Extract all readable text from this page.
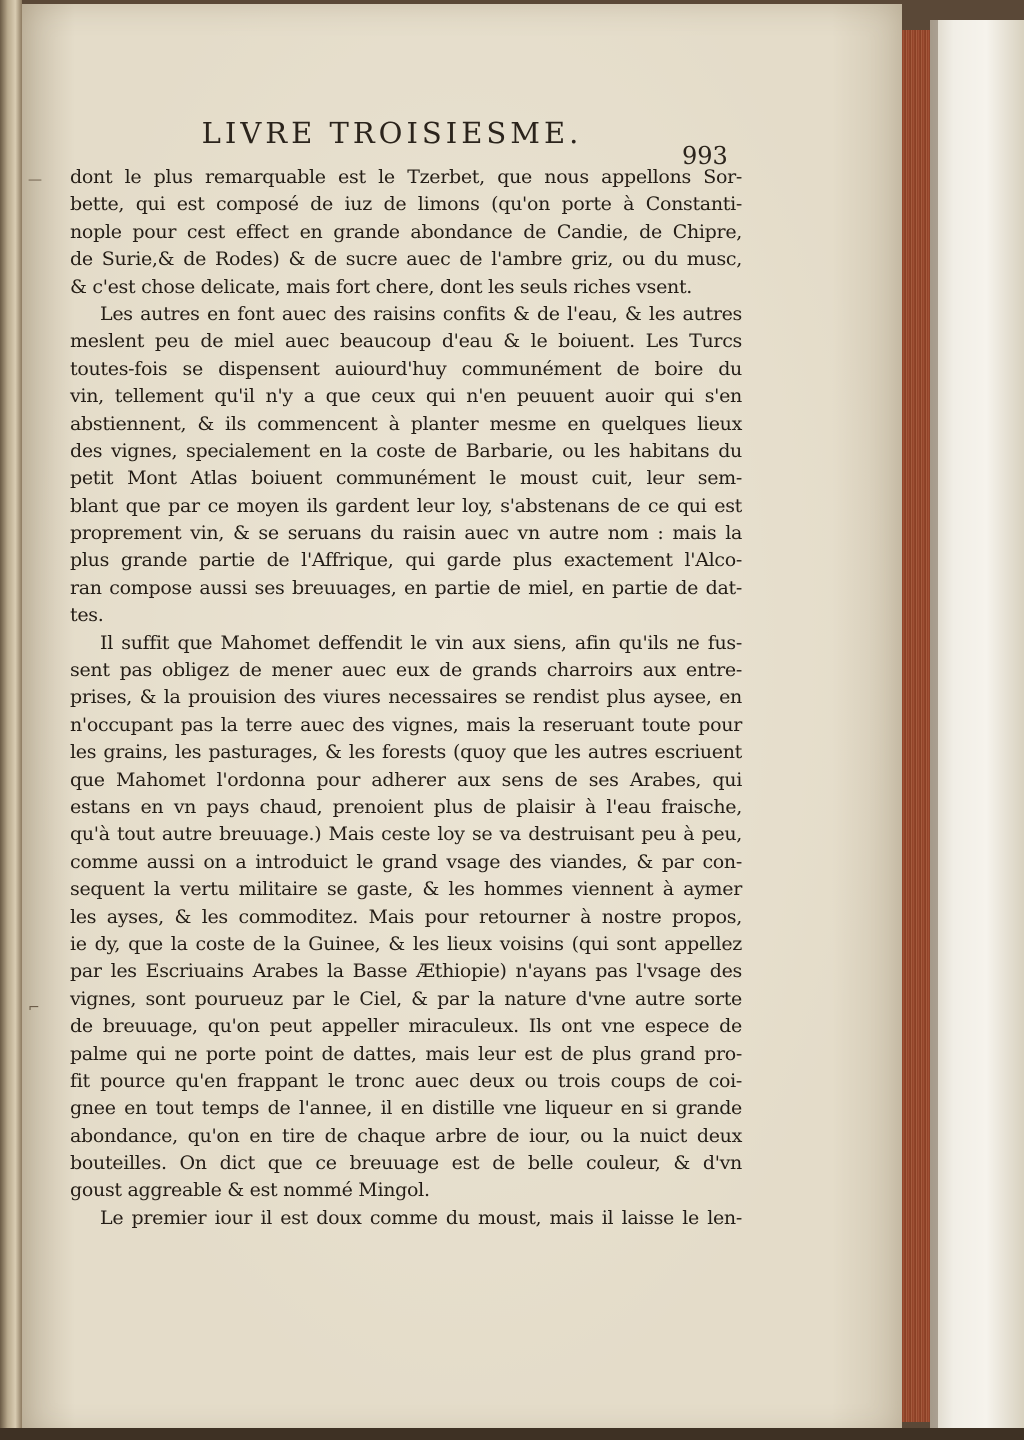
LIVRE TROISIESME.
993
—
⌐
dont le plus remarquable est le Tzerbet, que nous appellons Sor-
bette, qui est composé de iuz de limons (qu'on porte à Constanti-
nople pour cest effect en grande abondance de Candie, de Chipre,
de Surie,& de Rodes) & de sucre auec de l'ambre griz, ou du musc,
& c'est chose delicate, mais fort chere, dont les seuls riches vsent.
Les autres en font auec des raisins confits & de l'eau, & les autres
meslent peu de miel auec beaucoup d'eau & le boiuent. Les Turcs
toutes-fois se dispensent auiourd'huy communément de boire du
vin, tellement qu'il n'y a que ceux qui n'en peuuent auoir qui s'en
abstiennent, & ils commencent à planter mesme en quelques lieux
des vignes, specialement en la coste de Barbarie, ou les habitans du
petit Mont Atlas boiuent communément le moust cuit, leur sem-
blant que par ce moyen ils gardent leur loy, s'abstenans de ce qui est
proprement vin, & se seruans du raisin auec vn autre nom : mais la
plus grande partie de l'Affrique, qui garde plus exactement l'Alco-
ran compose aussi ses breuuages, en partie de miel, en partie de dat-
tes.
Il suffit que Mahomet deffendit le vin aux siens, afin qu'ils ne fus-
sent pas obligez de mener auec eux de grands charroirs aux entre-
prises, & la prouision des viures necessaires se rendist plus aysee, en
n'occupant pas la terre auec des vignes, mais la reseruant toute pour
les grains, les pasturages, & les forests (quoy que les autres escriuent
que Mahomet l'ordonna pour adherer aux sens de ses Arabes, qui
estans en vn pays chaud, prenoient plus de plaisir à l'eau fraische,
qu'à tout autre breuuage.) Mais ceste loy se va destruisant peu à peu,
comme aussi on a introduict le grand vsage des viandes, & par con-
sequent la vertu militaire se gaste, & les hommes viennent à aymer
les ayses, & les commoditez. Mais pour retourner à nostre propos,
ie dy, que la coste de la Guinee, & les lieux voisins (qui sont appellez
par les Escriuains Arabes la Basse Æthiopie) n'ayans pas l'vsage des
vignes, sont pourueuz par le Ciel, & par la nature d'vne autre sorte
de breuuage, qu'on peut appeller miraculeux. Ils ont vne espece de
palme qui ne porte point de dattes, mais leur est de plus grand pro-
fit pource qu'en frappant le tronc auec deux ou trois coups de coi-
gnee en tout temps de l'annee, il en distille vne liqueur en si grande
abondance, qu'on en tire de chaque arbre de iour, ou la nuict deux
bouteilles. On dict que ce breuuage est de belle couleur, & d'vn
goust aggreable & est nommé Mingol.
Le premier iour il est doux comme du moust, mais il laisse le len-
